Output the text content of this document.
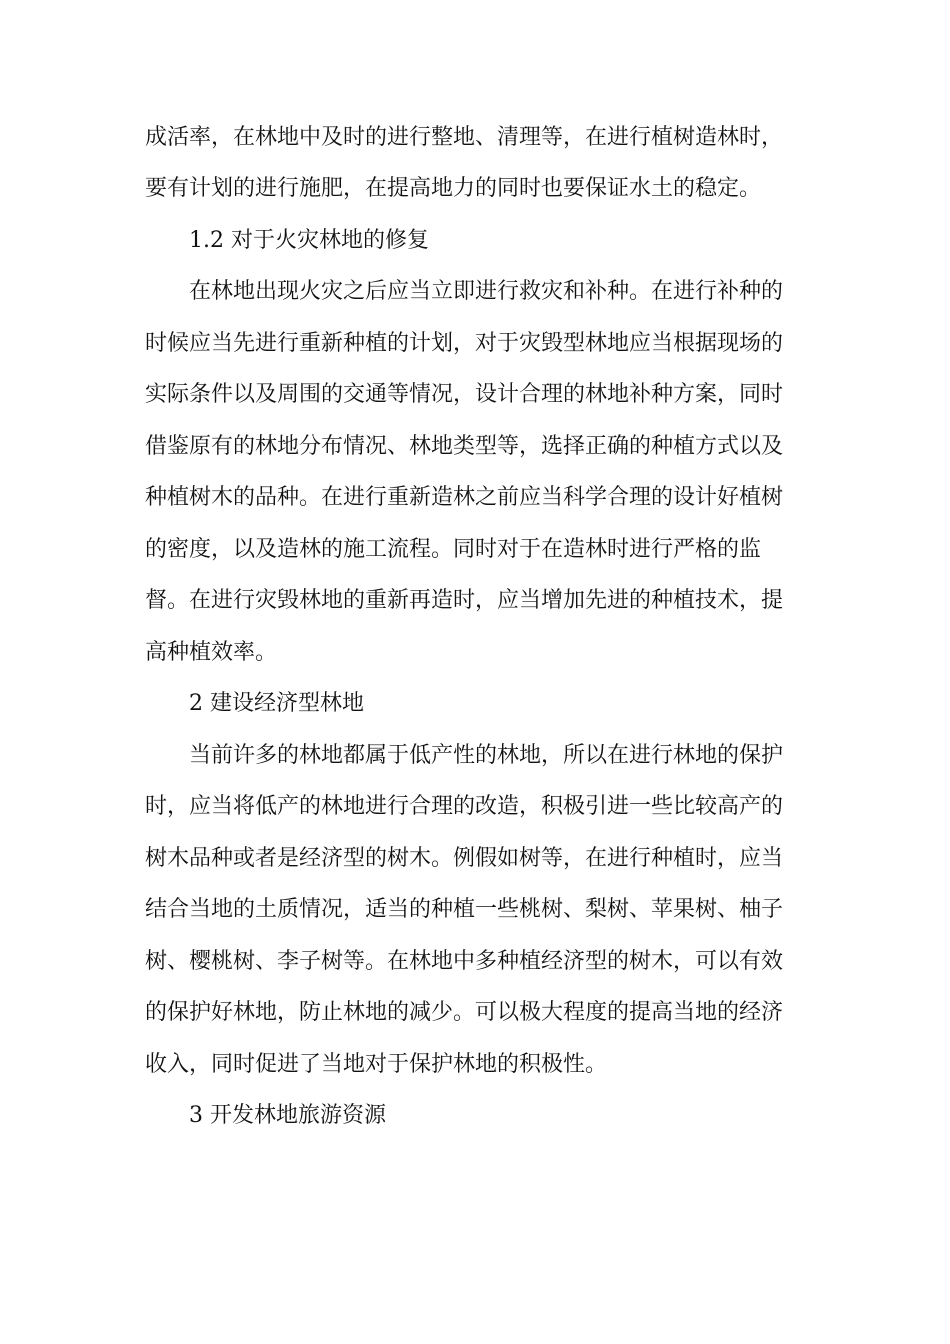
成活率，在林地中及时的进行整地、清理等，在进行植树造林时，
要有计划的进行施肥，在提高地力的同时也要保证水土的稳定。
1.2 对于火灾林地的修复
在林地出现火灾之后应当立即进行救灾和补种。在进行补种的
时候应当先进行重新种植的计划，对于灾毁型林地应当根据现场的
实际条件以及周围的交通等情况，设计合理的林地补种方案，同时
借鉴原有的林地分布情况、林地类型等，选择正确的种植方式以及
种植树木的品种。在进行重新造林之前应当科学合理的设计好植树
的密度，以及造林的施工流程。同时对于在造林时进行严格的监
督。在进行灾毁林地的重新再造时，应当增加先进的种植技术，提
高种植效率。
2 建设经济型林地
当前许多的林地都属于低产性的林地，所以在进行林地的保护
时，应当将低产的林地进行合理的改造，积极引进一些比较高产的
树木品种或者是经济型的树木。例假如树等，在进行种植时，应当
结合当地的土质情况，适当的种植一些桃树、梨树、苹果树、柚子
树、樱桃树、李子树等。在林地中多种植经济型的树木，可以有效
的保护好林地，防止林地的减少。可以极大程度的提高当地的经济
收入，同时促进了当地对于保护林地的积极性。
3 开发林地旅游资源
